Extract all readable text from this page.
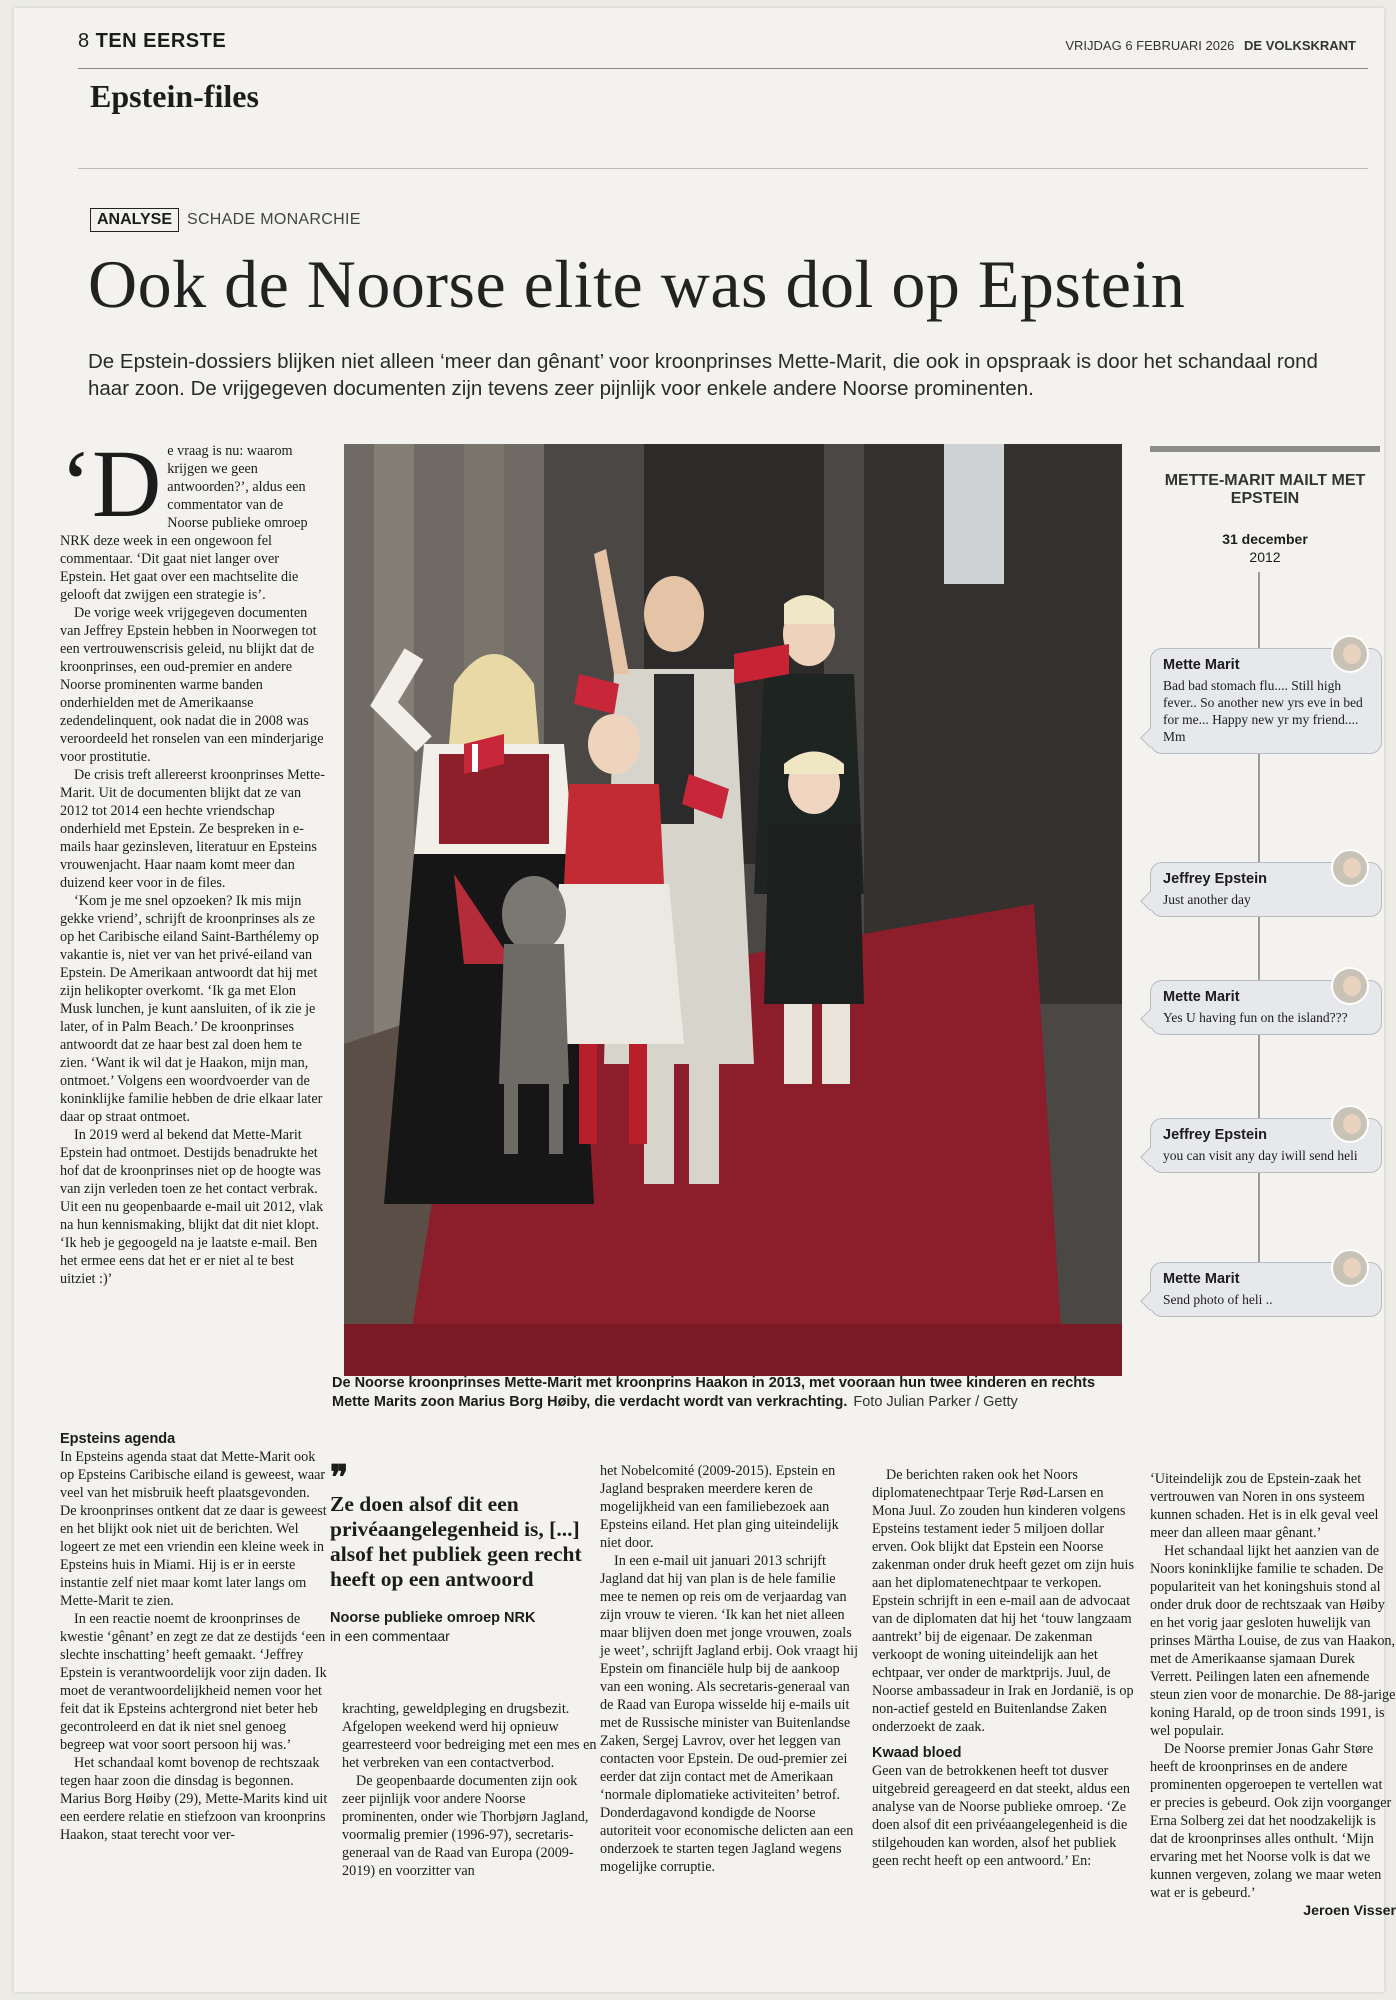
8 TEN EERSTE	VRIJDAG 6 FEBRUARI 2026 DE VOLKSKRANT
Epstein-files
ANALYSE SCHADE MONARCHIE
Ook de Noorse elite was dol op Epstein
De Epstein-dossiers blijken niet alleen ‘meer dan gênant’ voor kroonprinses Mette-Marit, die ook in opspraak is door het schandaal rond haar zoon. De vrijgegeven documenten zijn tevens zeer pijnlijk voor enkele andere Noorse prominenten.
‘D e vraag is nu: waarom krijgen we geen antwoorden?’, aldus een commentator van de Noorse publieke omroep NRK deze week in een ongewoon fel commentaar. ‘Dit gaat niet langer over Epstein. Het gaat over een machtselite die gelooft dat zwijgen een strategie is’.

De vorige week vrijgegeven documenten van Jeffrey Epstein hebben in Noorwegen tot een vertrouwenscrisis geleid, nu blijkt dat de kroonprinses, een oud-premier en andere Noorse prominenten warme banden onderhielden met de Amerikaanse zedendelinquent, ook nadat die in 2008 was veroordeeld het ronselen van een minderjarige voor prostitutie.

De crisis treft allereerst kroonprinses Mette-Marit. Uit de documenten blijkt dat ze van 2012 tot 2014 een hechte vriendschap onderhield met Epstein. Ze bespreken in e-mails haar gezinsleven, literatuur en Epsteins vrouwenjacht. Haar naam komt meer dan duizend keer voor in de files.

‘Kom je me snel opzoeken? Ik mis mijn gekke vriend’, schrijft de kroonprinses als ze op het Caribische eiland Saint-Barthélemy op vakantie is, niet ver van het privé-eiland van Epstein. De Amerikaan antwoordt dat hij met zijn helikopter overkomt. ‘Ik ga met Elon Musk lunchen, je kunt aansluiten, of ik zie je later, of in Palm Beach.’ De kroonprinses antwoordt dat ze haar best zal doen hem te zien. ‘Want ik wil dat je Haakon, mijn man, ontmoet.’ Volgens een woordvoerder van de koninklijke familie hebben de drie elkaar later daar op straat ontmoet.

In 2019 werd al bekend dat Mette-Marit Epstein had ontmoet. Destijds benadrukte het hof dat de kroonprinses niet op de hoogte was van zijn verleden toen ze het contact verbrak. Uit een nu geopenbaarde e-mail uit 2012, vlak na hun kennismaking, blijkt dat dit niet klopt. ‘Ik heb je gegoogeld na je laatste e-mail. Ben het ermee eens dat het er er niet al te best uitziet :)’

De Noorse kroonprinses Mette-Marit met kroonprins Haakon in 2013, met vooraan hun twee kinderen en rechts Mette Marits zoon Marius Borg Høiby, die verdacht wordt van verkrachting. Foto Julian Parker / Getty
METTE-MARIT MAILT MET EPSTEIN
31 december
2012
Mette Marit
Bad bad stomach flu.... Still high fever.. So another new yrs eve in bed for me... Happy new yr my friend.... Mm
Jeffrey Epstein
Just another day
Mette Marit
Yes U having fun on the island???
Jeffrey Epstein
you can visit any day iwill send heli
Mette Marit
Send photo of heli ..
Epsteins agenda

In Epsteins agenda staat dat Mette-Marit ook op Epsteins Caribische eiland is geweest, waar veel van het misbruik heeft plaatsgevonden. De kroonprinses ontkent dat ze daar is geweest en het blijkt ook niet uit de berichten. Wel logeert ze met een vriendin een kleine week in Epsteins huis in Miami. Hij is er in eerste instantie zelf niet maar komt later langs om Mette-Marit te zien.

In een reactie noemt de kroonprinses de kwestie ‘gênant’ en zegt ze dat ze destijds ‘een slechte inschatting’ heeft gemaakt. ‘Jeffrey Epstein is verantwoordelijk voor zijn daden. Ik moet de verantwoordelijkheid nemen voor het feit dat ik Epsteins achtergrond niet beter heb gecontroleerd en dat ik niet snel genoeg begreep wat voor soort persoon hij was.’

Het schandaal komt bovenop de rechtszaak tegen haar zoon die dinsdag is begonnen. Marius Borg Høiby (29), Mette-Marits kind uit een eerdere relatie en stiefzoon van kroonprins Haakon, staat terecht voor ver-

❞
Ze doen alsof dit een privéaangelegenheid is, [...] alsof het publiek geen recht heeft op een antwoord
Noorse publieke omroep NRK
in een commentaar

krachting, geweldpleging en drugsbezit. Afgelopen weekend werd hij opnieuw gearresteerd voor bedreiging met een mes en het verbreken van een contactverbod.

De geopenbaarde documenten zijn ook zeer pijnlijk voor andere Noorse prominenten, onder wie Thorbjørn Jagland, voormalig premier (1996-97), secretaris-generaal van de Raad van Europa (2009-2019) en voorzitter van

het Nobelcomité (2009-2015). Epstein en Jagland bespraken meerdere keren de mogelijkheid van een familiebezoek aan Epsteins eiland. Het plan ging uiteindelijk niet door.

In een e-mail uit januari 2013 schrijft Jagland dat hij van plan is de hele familie mee te nemen op reis om de verjaardag van zijn vrouw te vieren. ‘Ik kan het niet alleen maar blijven doen met jonge vrouwen, zoals je weet’, schrijft Jagland erbij. Ook vraagt hij Epstein om financiële hulp bij de aankoop van een woning. Als secretaris-generaal van de Raad van Europa wisselde hij e-mails uit met de Russische minister van Buitenlandse Zaken, Sergej Lavrov, over het leggen van contacten voor Epstein. De oud-premier zei eerder dat zijn contact met de Amerikaan ‘normale diplomatieke activiteiten’ betrof. Donderdagavond kondigde de Noorse autoriteit voor economische delicten aan een onderzoek te starten tegen Jagland wegens mogelijke corruptie.

De berichten raken ook het Noors diplomatenechtpaar Terje Rød-Larsen en Mona Juul. Zo zouden hun kinderen volgens Epsteins testament ieder 5 miljoen dollar erven. Ook blijkt dat Epstein een Noorse zakenman onder druk heeft gezet om zijn huis aan het diplomatenechtpaar te verkopen. Epstein schrijft in een e-mail aan de advocaat van de diplomaten dat hij het ‘touw langzaam aantrekt’ bij de eigenaar. De zakenman verkoopt de woning uiteindelijk aan het echtpaar, ver onder de marktprijs. Juul, de Noorse ambassadeur in Irak en Jordanië, is op non-actief gesteld en Buitenlandse Zaken onderzoekt de zaak.

Kwaad bloed

Geen van de betrokkenen heeft tot dusver uitgebreid gereageerd en dat steekt, aldus een analyse van de Noorse publieke omroep. ‘Ze doen alsof dit een privéaangelegenheid is die stilgehouden kan worden, alsof het publiek geen recht heeft op een antwoord.’ En:

‘Uiteindelijk zou de Epstein-zaak het vertrouwen van Noren in ons systeem kunnen schaden. Het is in elk geval veel meer dan alleen maar gênant.’

Het schandaal lijkt het aanzien van de Noors koninklijke familie te schaden. De populariteit van het koningshuis stond al onder druk door de rechtszaak van Høiby en het vorig jaar gesloten huwelijk van prinses Märtha Louise, de zus van Haakon, met de Amerikaanse sjamaan Durek Verrett. Peilingen laten een afnemende steun zien voor de monarchie. De 88-jarige koning Harald, op de troon sinds 1991, is wel populair.

De Noorse premier Jonas Gahr Støre heeft de kroonprinses en de andere prominenten opgeroepen te vertellen wat er precies is gebeurd. Ook zijn voorganger Erna Solberg zei dat het noodzakelijk is dat de kroonprinses alles onthult. ‘Mijn ervaring met het Noorse volk is dat we kunnen vergeven, zolang we maar weten wat er is gebeurd.’

Jeroen Visser
